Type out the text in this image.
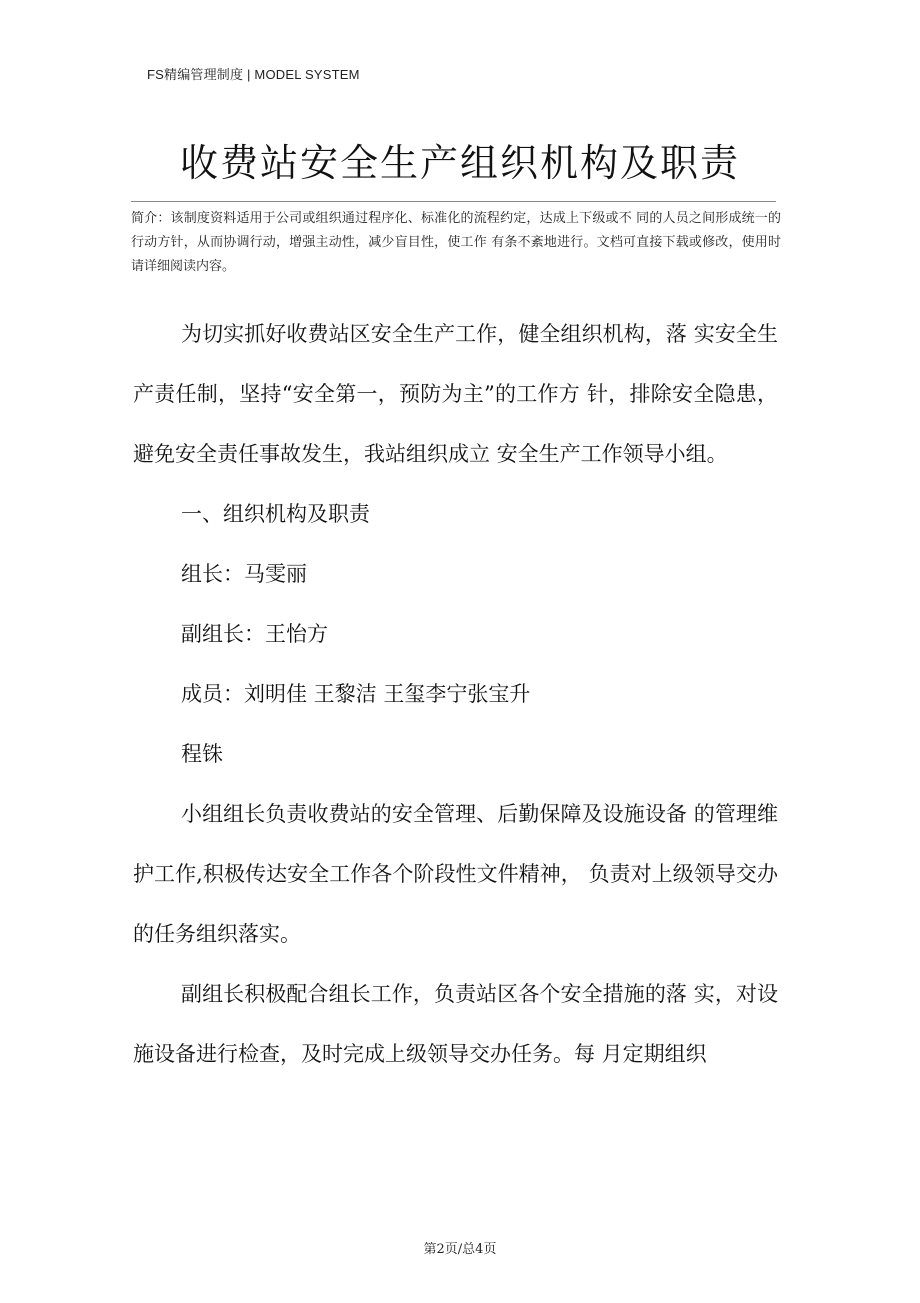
FS精编管理制度 | MODEL SYSTEM
收费站安全生产组织机构及职责
简介：该制度资料适用于公司或组织通过程序化、标准化的流程约定，达成上下级或不 同的人员之间形成统一的行动方针，从而协调行动，增强主动性，减少盲目性，使工作 有条不紊地进行。文档可直接下载或修改，使用时请详细阅读内容。

为切实抓好收费站区安全生产工作，健全组织机构，落 实安全生产责任制，坚持“安全第一，预防为主”的工作方 针，排除安全隐患，避免安全责任事故发生，我站组织成立 安全生产工作领导小组。

一、组织机构及职责

组长：马雯丽

副组长：王怡方

成员：刘明佳 王黎洁 王玺李宁张宝升

程铢

小组组长负责收费站的安全管理、后勤保障及设施设备 的管理维护工作,积极传达安全工作各个阶段性文件精神， 负责对上级领导交办的任务组织落实。

副组长积极配合组长工作，负责站区各个安全措施的落 实，对设施设备进行检查，及时完成上级领导交办任务。每 月定期组织

第2页/总4页
